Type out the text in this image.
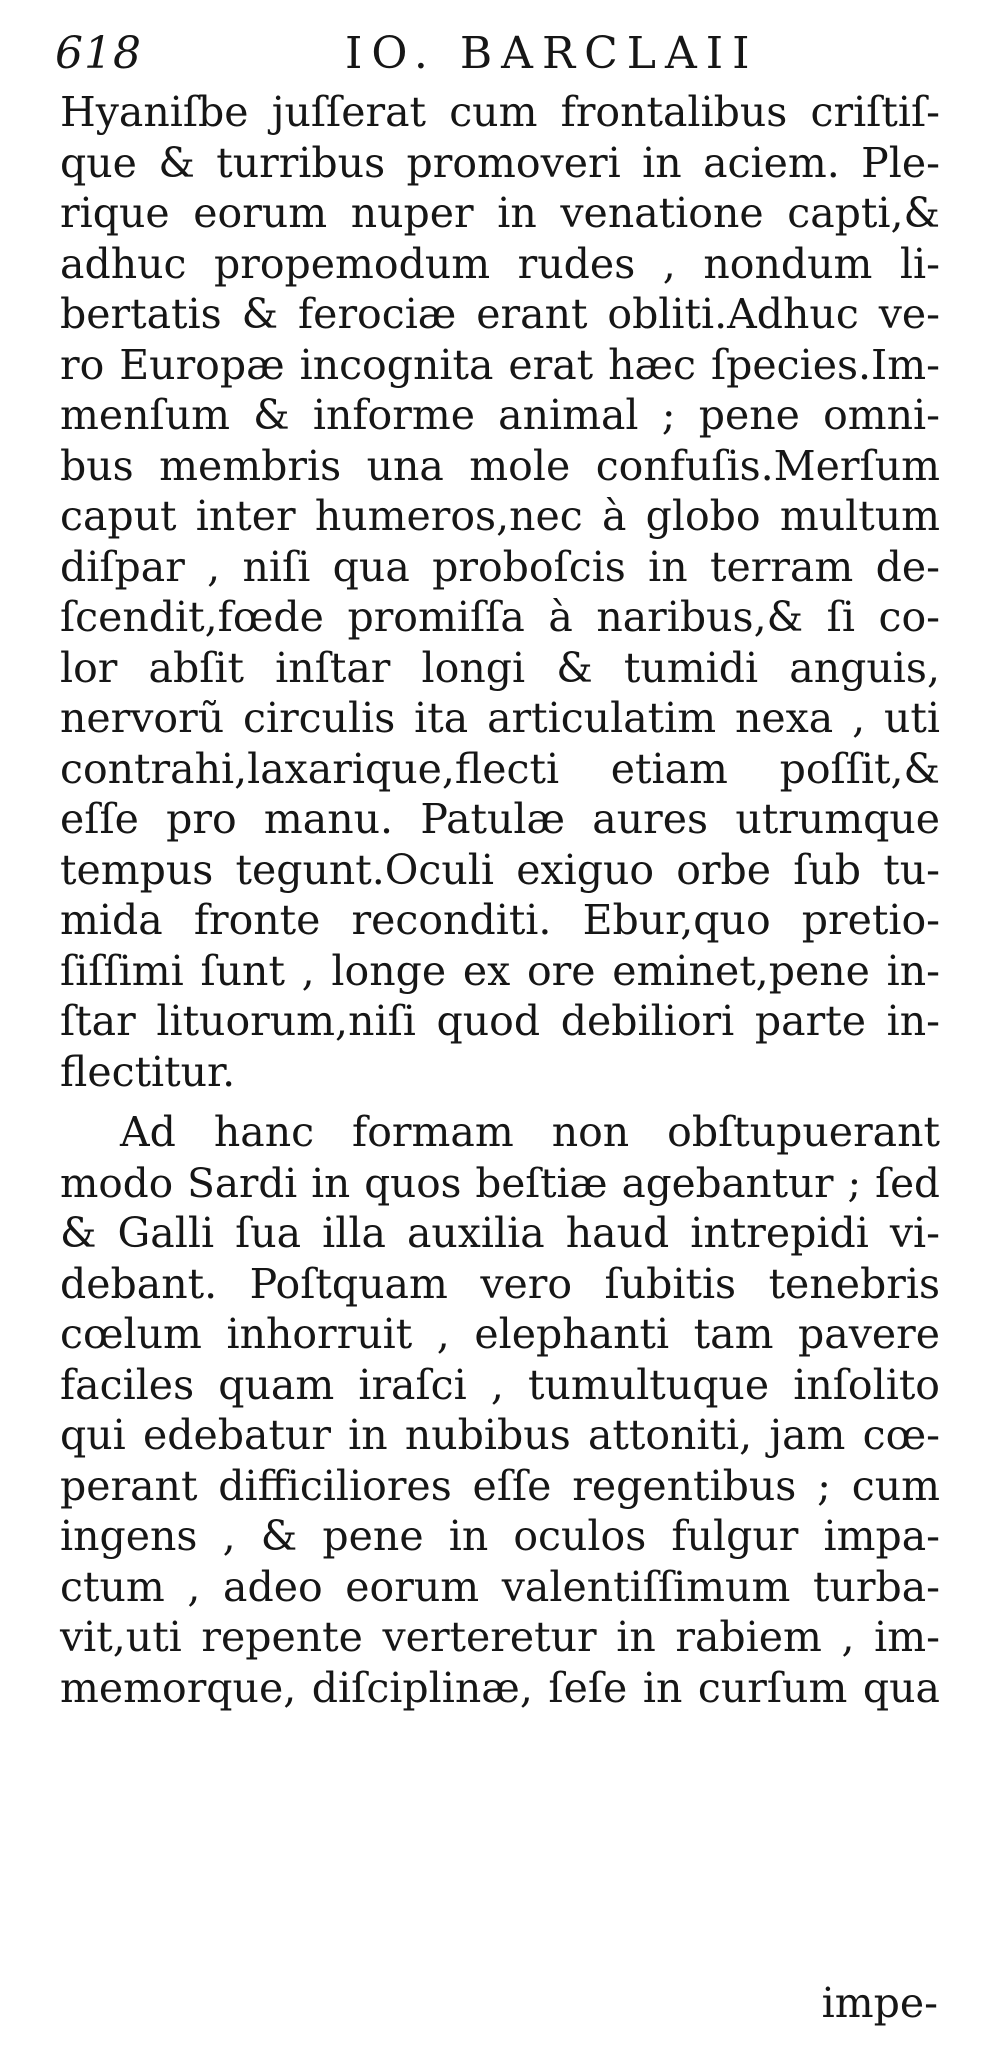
618	IO. BARCLAII
Hyaniſbe juſſerat cum frontalibus criſtiſ-
que & turribus promoveri in aciem. Ple-
rique eorum nuper in venatione capti,&
adhuc propemodum rudes , nondum li-
bertatis & ferociæ erant obliti.Adhuc ve-
ro Europæ incognita erat hæc ſpecies.Im-
menſum & informe animal ; pene omni-
bus membris una mole confuſis.Merſum
caput inter humeros,nec à globo multum
diſpar , niſi qua proboſcis in terram de-
ſcendit,fœde promiſſa à naribus,& ſi co-
lor abſit inſtar longi & tumidi anguis,
nervorũ circulis ita articulatim nexa , uti
contrahi,laxarique,flecti etiam poſſit,&
eſſe pro manu. Patulæ aures utrumque
tempus tegunt.Oculi exiguo orbe ſub tu-
mida fronte reconditi. Ebur,quo pretio-
ſiſſimi ſunt , longe ex ore eminet,pene in-
ſtar lituorum,niſi quod debiliori parte in-
flectitur.
Ad hanc formam non obſtupuerant
modo Sardi in quos beſtiæ agebantur ; ſed
& Galli ſua illa auxilia haud intrepidi vi-
debant. Poſtquam vero ſubitis tenebris
cœlum inhorruit , elephanti tam pavere
faciles quam iraſci , tumultuque inſolito
qui edebatur in nubibus attoniti, jam cœ-
perant difficiliores eſſe regentibus ; cum
ingens , & pene in oculos fulgur impa-
ctum , adeo eorum valentiſſimum turba-
vit,uti repente verteretur in rabiem , im-
memorque, diſciplinæ, ſeſe in curſum qua
impe-
